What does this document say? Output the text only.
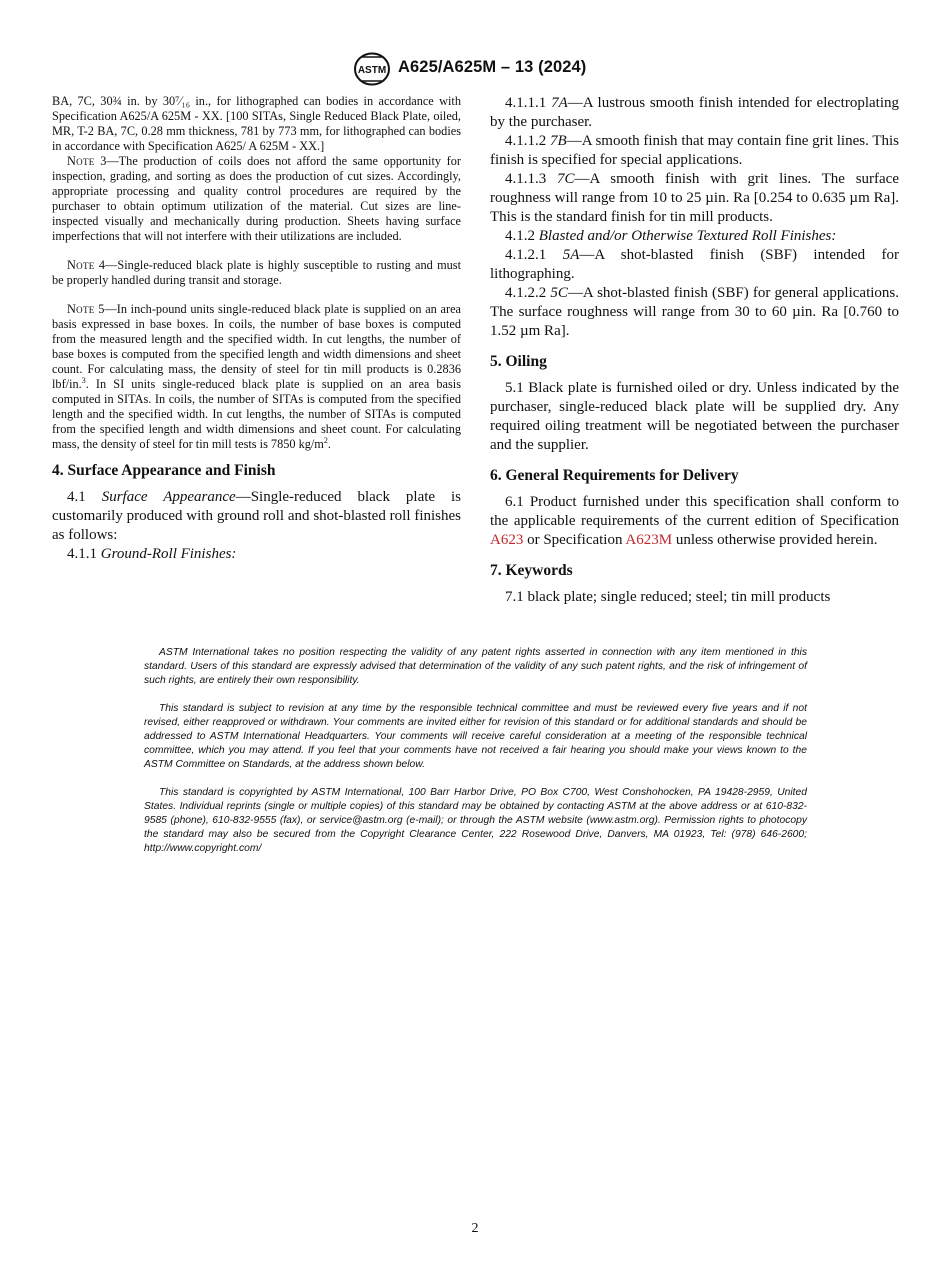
ASTM A625/A625M – 13 (2024)

BA, 7C, 30¾ in. by 30⁷⁄₁₆ in., for lithographed can bodies in accordance with Specification A625/A 625M - XX. [100 SITAs, Single Reduced Black Plate, oiled, MR, T-2 BA, 7C, 0.28 mm thickness, 781 by 773 mm, for lithographed can bodies in accordance with Specification A625/ A 625M - XX.]

Note 3—The production of coils does not afford the same opportunity for inspection, grading, and sorting as does the production of cut sizes. Accordingly, appropriate processing and quality control procedures are required by the purchaser to obtain optimum utilization of the material. Cut sizes are line-inspected visually and mechanically during production. Sheets having surface imperfections that will not interfere with their utilizations are included.

Note 4—Single-reduced black plate is highly susceptible to rusting and must be properly handled during transit and storage.

Note 5—In inch-pound units single-reduced black plate is supplied on an area basis expressed in base boxes. In coils, the number of base boxes is computed from the measured length and the specified width. In cut lengths, the number of base boxes is computed from the specified length and width dimensions and sheet count. For calculating mass, the density of steel for tin mill products is 0.2836 lbf/in.$^3$. In SI units single-reduced black plate is supplied on an area basis computed in SITAs. In coils, the number of SITAs is computed from the specified length and the specified width. In cut lengths, the number of SITAs is computed from the specified length and width dimensions and sheet count. For calculating mass, the density of steel for tin mill tests is 7850 $kg/m^2$.

4. Surface Appearance and Finish

4.1 Surface Appearance—Single-reduced black plate is customarily produced with ground roll and shot-blasted roll finishes as follows:

4.1.1 Ground-Roll Finishes:

4.1.1.1 7A—A lustrous smooth finish intended for electroplating by the purchaser.

4.1.1.2 7B—A smooth finish that may contain fine grit lines. This finish is specified for special applications.

4.1.1.3 7C—A smooth finish with grit lines. The surface roughness will range from 10 to 25 µin. Ra [0.254 to 0.635 µm Ra]. This is the standard finish for tin mill products.

4.1.2 Blasted and/or Otherwise Textured Roll Finishes:

4.1.2.1 5A—A shot-blasted finish (SBF) intended for lithographing.

4.1.2.2 5C—A shot-blasted finish (SBF) for general applications. The surface roughness will range from 30 to 60 µin. Ra [0.760 to 1.52 µm Ra].

5. Oiling

5.1 Black plate is furnished oiled or dry. Unless indicated by the purchaser, single-reduced black plate will be supplied dry. Any required oiling treatment will be negotiated between the purchaser and the supplier.

6. General Requirements for Delivery

6.1 Product furnished under this specification shall conform to the applicable requirements of the current edition of Specification A623 or Specification A623M unless otherwise provided herein.

7. Keywords

7.1 black plate; single reduced; steel; tin mill products

ASTM International takes no position respecting the validity of any patent rights asserted in connection with any item mentioned in this standard. Users of this standard are expressly advised that determination of the validity of any such patent rights, and the risk of infringement of such rights, are entirely their own responsibility.

This standard is subject to revision at any time by the responsible technical committee and must be reviewed every five years and if not revised, either reapproved or withdrawn. Your comments are invited either for revision of this standard or for additional standards and should be addressed to ASTM International Headquarters. Your comments will receive careful consideration at a meeting of the responsible technical committee, which you may attend. If you feel that your comments have not received a fair hearing you should make your views known to the ASTM Committee on Standards, at the address shown below.

This standard is copyrighted by ASTM International, 100 Barr Harbor Drive, PO Box C700, West Conshohocken, PA 19428-2959, United States. Individual reprints (single or multiple copies) of this standard may be obtained by contacting ASTM at the above address or at 610-832-9585 (phone), 610-832-9555 (fax), or service@astm.org (e-mail); or through the ASTM website (www.astm.org). Permission rights to photocopy the standard may also be secured from the Copyright Clearance Center, 222 Rosewood Drive, Danvers, MA 01923, Tel: (978) 646-2600; http://www.copyright.com/

2
